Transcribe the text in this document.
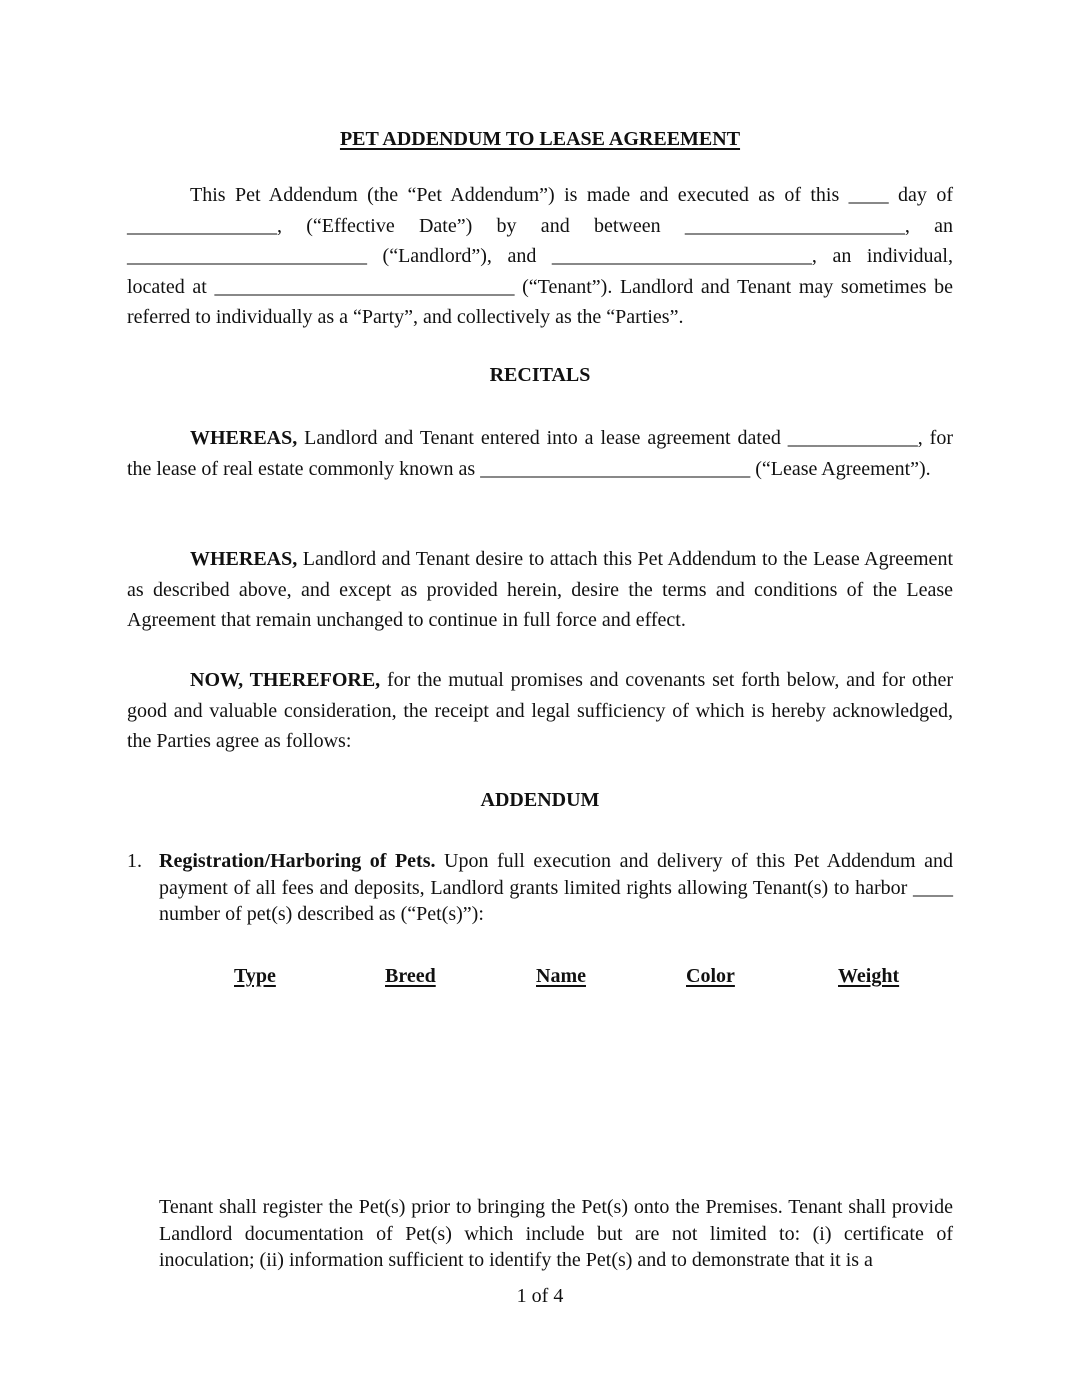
PET ADDENDUM TO LEASE AGREEMENT
This Pet Addendum (the “Pet Addendum”) is made and executed as of this ____ day of _______________, (“Effective Date”) by and between ______________________, an ________________________ (“Landlord”), and __________________________, an individual, located at ______________________________ (“Tenant”). Landlord and Tenant may sometimes be referred to individually as a “Party”, and collectively as the “Parties”.
RECITALS
WHEREAS, Landlord and Tenant entered into a lease agreement dated _____________, for the lease of real estate commonly known as ___________________________ (“Lease Agreement”).
WHEREAS, Landlord and Tenant desire to attach this Pet Addendum to the Lease Agreement as described above, and except as provided herein, desire the terms and conditions of the Lease Agreement that remain unchanged to continue in full force and effect.
NOW, THEREFORE, for the mutual promises and covenants set forth below, and for other good and valuable consideration, the receipt and legal sufficiency of which is hereby acknowledged, the Parties agree as follows:
ADDENDUM
1. Registration/Harboring of Pets. Upon full execution and delivery of this Pet Addendum and payment of all fees and deposits, Landlord grants limited rights allowing Tenant(s) to harbor ____ number of pet(s) described as (“Pet(s)”):
Type	Breed	Name	Color	Weight
Tenant shall register the Pet(s) prior to bringing the Pet(s) onto the Premises. Tenant shall provide Landlord documentation of Pet(s) which include but are not limited to: (i) certificate of inoculation; (ii) information sufficient to identify the Pet(s) and to demonstrate that it is a
1 of 4
